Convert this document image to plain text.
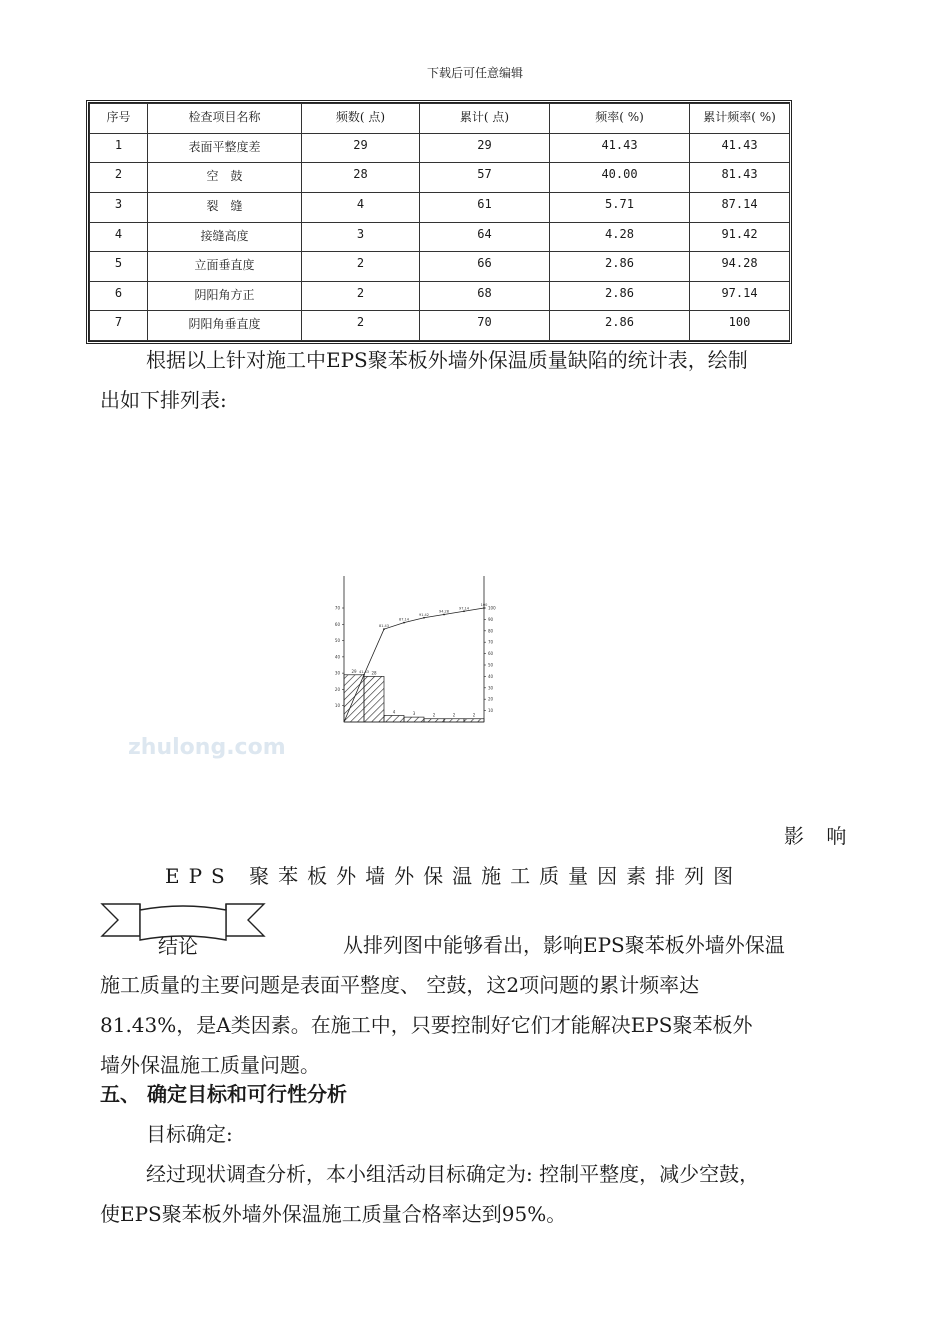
下载后可任意编辑
序号	检查项目名称	频数( 点)	累计( 点)	频率( %)	累计频率( %)
1	表面平整度差	29	29	41.43	41.43
2	空　鼓	28	57	40.00	81.43
3	裂　缝	4	61	5.71	87.14
4	接缝高度	3	64	4.28	91.42
5	立面垂直度	2	66	2.86	94.28
6	阴阳角方正	2	68	2.86	97.14
7	阴阳角垂直度	2	70	2.86	100
根据以上针对施工中EPS聚苯板外墙外保温质量缺陷的统计表，绘制
出如下排列表:
10
20
30
40
50
60
70
10
20
30
40
50
60
70
80
90
100
29	28
4	3	2	2	2
41.43
81.43
87.14
91.42
94.28
97.14
100
zhulong.com
影 响
EPS 聚苯板外墙外保温施工质量因素排列图
结论	从排列图中能够看出，影响EPS聚苯板外墙外保温
施工质量的主要问题是表面平整度、 空鼓，这2项问题的累计频率达
81.43%，是A类因素。在施工中，只要控制好它们才能解决EPS聚苯板外
墙外保温施工质量问题。
五、 确定目标和可行性分析
目标确定:
经过现状调查分析，本小组活动目标确定为: 控制平整度，减少空鼓，
使EPS聚苯板外墙外保温施工质量合格率达到95%。
